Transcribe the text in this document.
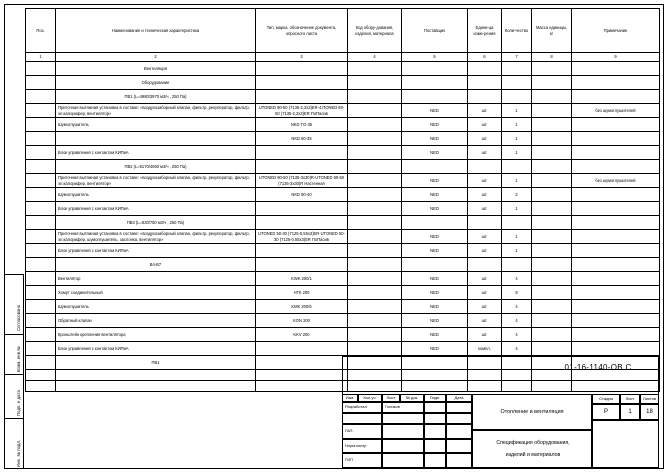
Согласовано
Взам. инв.№
Подп. и дата
Инв. № подл.
Поз.	Наименование и техническая характеристика	Тип, марка, обозначение документа, опросного листа	Код обору-дования, изделия, материала	Поставщик	Едини-ца изме-рения	Коли-чество	Масса единицы, кг	Примечание
1	2	3	4	5	6	7	8	9
	Вентиляция							
	Оборудование							
	ПВ1 (L=4980/3970 м3/ч , 250 Па)							
	Приточная вытяжная установка в составе: «воздухозаборный клапан, фильтр, рекуператор, фильтр, эл.калорифер, вентилятор»	UTONED 90-50 (7135-2,2х3)ЕR-4.ПОNED 80-50 (7135-2,2х3)ЕR ПоПасив		NED	шт.	1		без шумоглушителей
	Шумоглушитель	NKD TG-35		NED	шт.	1		
		NKD 60-35		NED	шт.	1		
	Блок управления с контактом КИПиА			NED	шт.	1		
	ПВ2 (L=5170/4060 м3/ч , 250 Па)							
	Приточная вытяжная установка в составе: «воздухозаборный клапан, фильтр, рекуператор, фильтр, эл.калорифер, вентилятор»	UTONED 90-50 (7135-3х30)R-UTONED 90-50 (7135-3х30)R Настенная		NED	шт.	1		без шумоглушителей
	Шумоглушитель	NKD 90-40		NED	шт.	2		
	Блок управления с контактом КИПиА			NED	шт.	1		
	ПВ3 (L=830/750 м3/ч , 250 Па)							
	Приточная вытяжная установка в составе: «воздухозаборный клапан, фильтр, рекуператор, фильтр, эл.калорифер, шумоглушитель, заслонка, вентилятор»	UTONED 50-30 (7125-0,55х3)ЕR-UTONED 50-30 (7125-0,55х3)ЕR ПоПасив		NED	шт.	1		
	Блок управления с контактом КИПиА			NED	шт.	1		
	В4-В7							
	Вентилятор	KWK 200/1		NED	шт.	4		
	Хомут соединительный	НТК 200		NED	шт.	8		
	Шумоглушитель	KMK 200/6		NED	шт.	4		
	Обратный клапан	KON 200		NED	шт.	4		
	Кронштейн крепления вентилятора	KKV 200		NED	шт.	4		
	Блок управления с контактом КИПиА			NED	компл.	4		
	ПВ1							

01-16-1140-ОВ.С
Изм.	Кол.уч.	Лист	№ док.	Подп.	Дата
Разработал	Голиков
ГАП.
Норм.контр
ГИП
Отопление и вентиляция
Спецификация оборудования,
изделий и материалов
Стадия	Лист	Листов
Р	1	18
